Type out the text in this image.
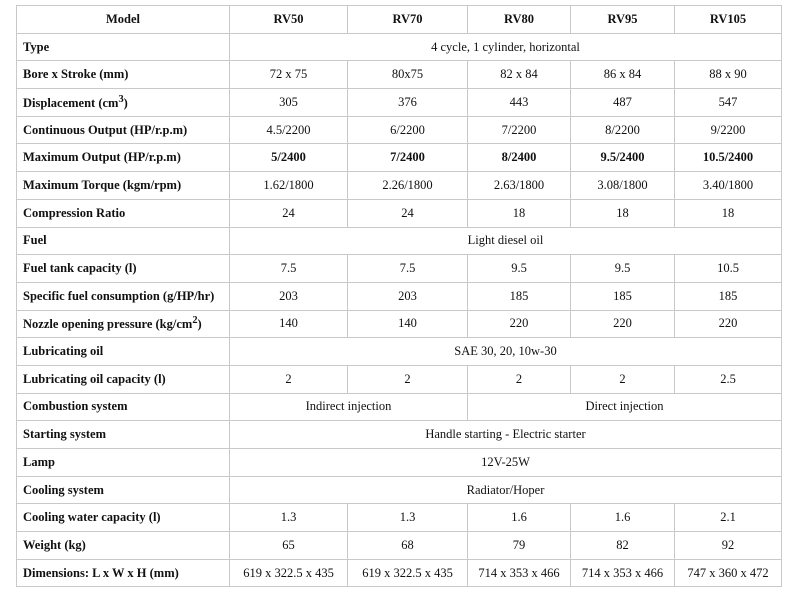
Model	RV50	RV70	RV80	RV95	RV105
Type	4 cycle, 1 cylinder, horizontal				
Bore x Stroke (mm)	72 x 75	80x75	82 x 84	86 x 84	88 x 90
Displacement $(cm^3)$	305	376	443	487	547
Continuous Output (HP/r.p.m)	4.5/2200	6/2200	7/2200	8/2200	9/2200
Maximum Output (HP/r.p.m)	5/2400	7/2400	8/2400	9.5/2400	10.5/2400
Maximum Torque (kgm/rpm)	1.62/1800	2.26/1800	2.63/1800	3.08/1800	3.40/1800
Compression Ratio	24	24	18	18	18
Fuel	Light diesel oil				
Fuel tank capacity (l)	7.5	7.5	9.5	9.5	10.5
Specific fuel consumption (g/HP/hr)	203	203	185	185	185
Nozzle opening pressure $(kg/cm^2)$	140	140	220	220	220
Lubricating oil	SAE 30, 20, 10w-30				
Lubricating oil capacity (l)	2	2	2	2	2.5
Combustion system	Indirect injection		Direct injection		
Starting system	Handle starting - Electric starter				
Lamp	12V-25W				
Cooling system	Radiator/Hoper				
Cooling water capacity (l)	1.3	1.3	1.6	1.6	2.1
Weight (kg)	65	68	79	82	92
Dimensions: L x W x H (mm)	619 x 322.5 x 435	619 x 322.5 x 435	714 x 353 x 466	714 x 353 x 466	747 x 360 x 472
